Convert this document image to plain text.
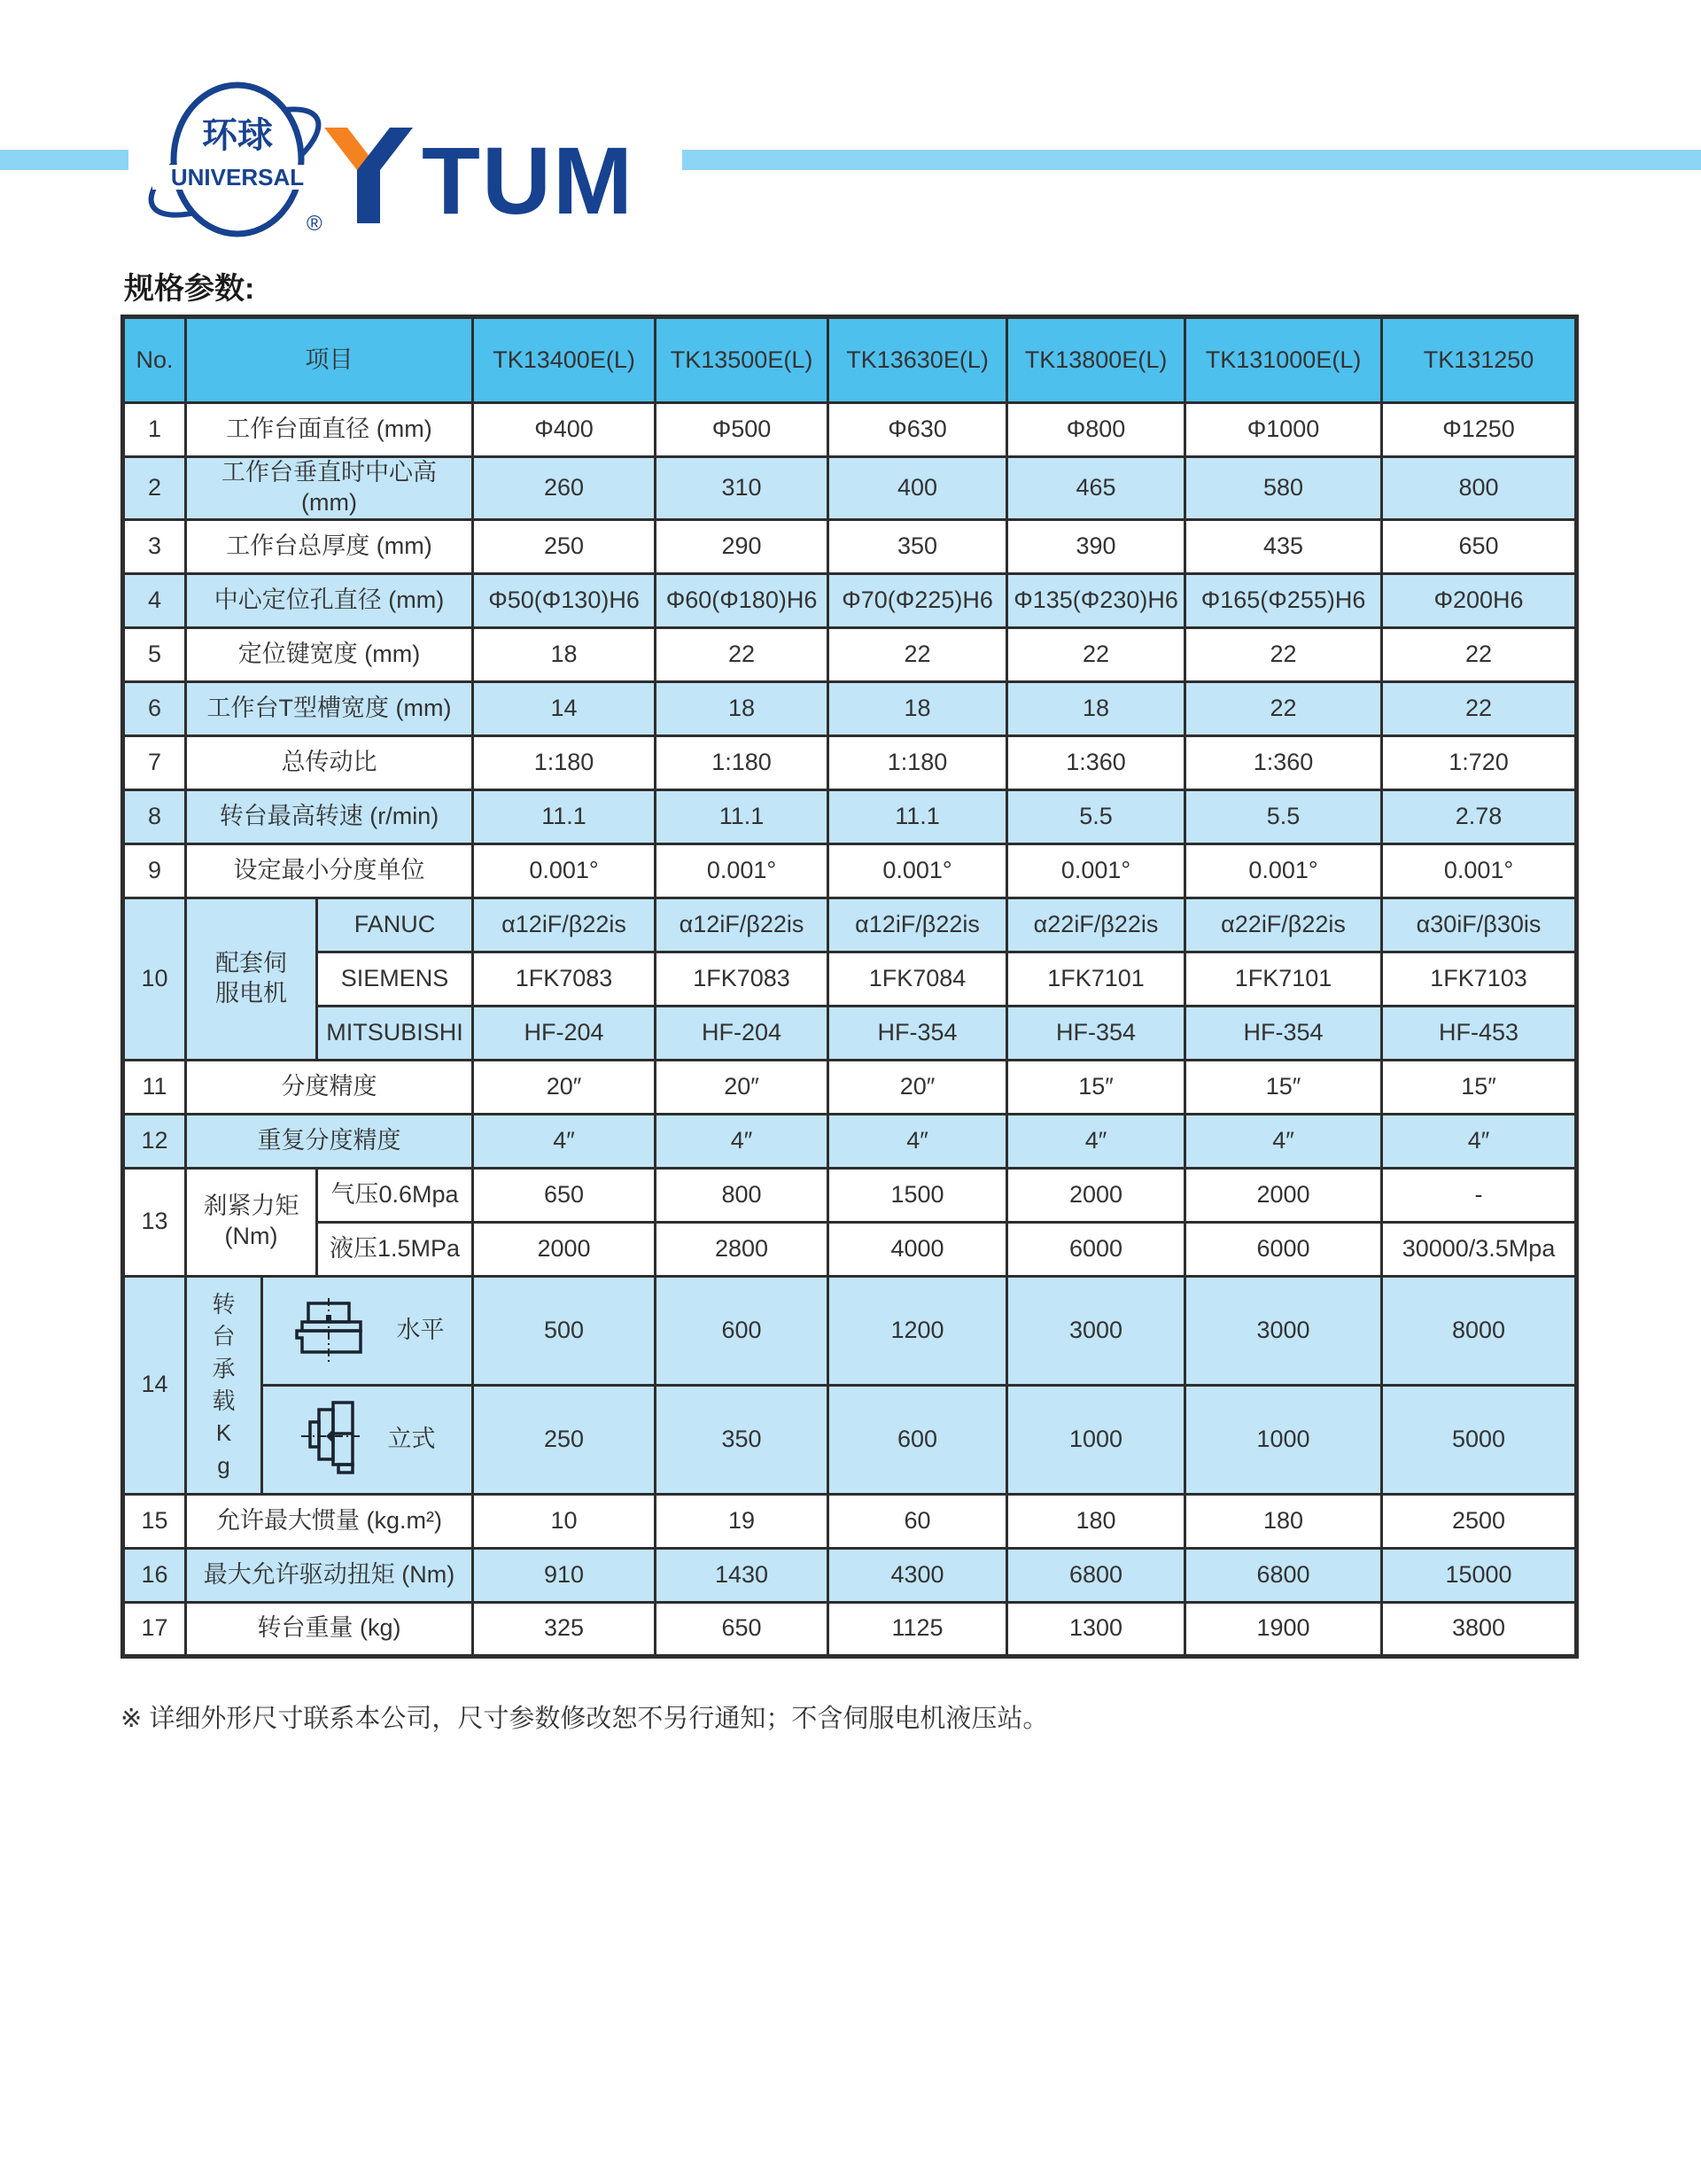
环球
UNIVERSAL
® TUM
规格参数:
No.	项目			TK13400E(L)	TK13500E(L)	TK13630E(L)	TK13800E(L)	TK131000E(L)	TK131250
1	工作台面直径 (mm)			Φ400	Φ500	Φ630	Φ800	Φ1000	Φ1250
2	工作台垂直时中心高 (mm)			260	310	400	465	580	800
3	工作台总厚度 (mm)			250	290	350	390	435	650
4	中心定位孔直径 (mm)			Φ50(Φ130)H6	Φ60(Φ180)H6	Φ70(Φ225)H6	Φ135(Φ230)H6	Φ165(Φ255)H6	Φ200H6
5	定位键宽度 (mm)			18	22	22	22	22	22
6	工作台T型槽宽度 (mm)			14	18	18	18	22	22
7	总传动比			1:180	1:180	1:180	1:360	1:360	1:720
8	转台最高转速 (r/min)			11.1	11.1	11.1	5.5	5.5	2.78
9	设定最小分度单位			0.001°	0.001°	0.001°	0.001°	0.001°	0.001°
10	配套伺服电机		FANUC	α12iF/β22is	α12iF/β22is	α12iF/β22is	α22iF/β22is	α22iF/β22is	α30iF/β30is
			SIEMENS	1FK7083	1FK7083	1FK7084	1FK7101	1FK7101	1FK7103
			MITSUBISHI	HF-204	HF-204	HF-354	HF-354	HF-354	HF-453
11	分度精度			20″	20″	20″	15″	15″	15″
12	重复分度精度			4″	4″	4″	4″	4″	4″
13	刹紧力矩 (Nm)		气压0.6Mpa	650	800	1500	2000	2000	-
			液压1.5MPa	2000	2800	4000	6000	6000	30000/3.5Mpa
14	转台承载Kg	水平		500	600	1200	3000	3000	8000

		立式		250	350	600	1000	1000	5000
15	允许最大惯量 (kg.m²)			10	19	60	180	180	2500
16	最大允许驱动扭矩 (Nm)			910	1430	4300	6800	6800	15000
17	转台重量 (kg)			325	650	1125	1300	1900	3800
※ 详细外形尺寸联系本公司，尺寸参数修改恕不另行通知；不含伺服电机液压站。
